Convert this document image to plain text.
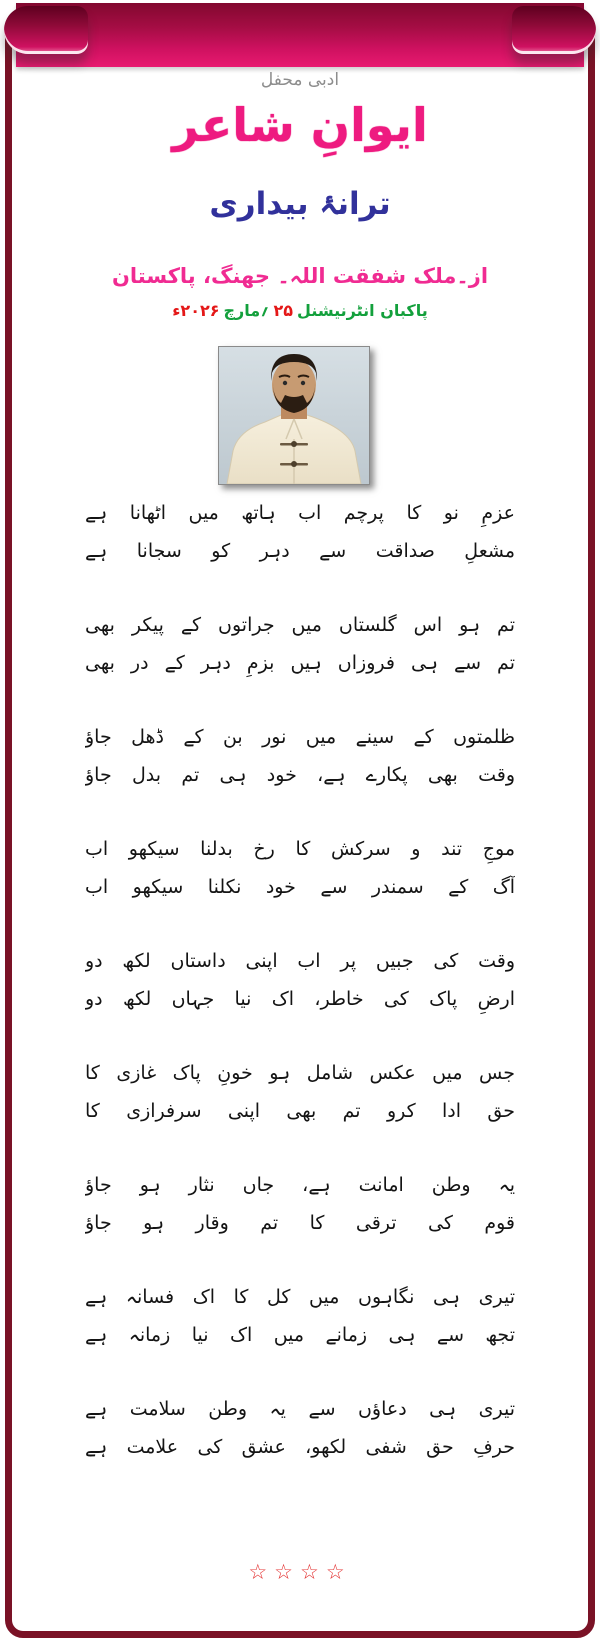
ادبی محفل
ایوانِ شاعر
ترانۂ بیداری
از۔ملک شفقت اللہ۔ جھنگ، پاکستان
پاکبان انٹرنیشنل۲۵؍مارچ۲۰۲۶ء
عزمِ نو کا پرچم اب ہاتھ میں اٹھانا ہے
مشعلِ صداقت سے دہر کو سجانا ہے
تم ہو اس گلستاں میں جراتوں کے پیکر بھی
تم سے ہی فروزاں ہیں بزمِ دہر کے در بھی
ظلمتوں کے سینے میں نور بن کے ڈھل جاؤ
وقت بھی پکارے ہے، خود ہی تم بدل جاؤ
موجِ تند و سرکش کا رخ بدلنا سیکھو اب
آگ کے سمندر سے خود نکلنا سیکھو اب
وقت کی جبیں پر اب اپنی داستاں لکھ دو
ارضِ پاک کی خاطر، اک نیا جہاں لکھ دو
جس میں عکس شامل ہو خونِ پاک غازی کا
حق ادا کرو تم بھی اپنی سرفرازی کا
یہ وطن امانت ہے، جاں نثار ہو جاؤ
قوم کی ترقی کا تم وقار ہو جاؤ
تیری ہی نگاہوں میں کل کا اک فسانہ ہے
تجھ سے ہی زمانے میں اک نیا زمانہ ہے
تیری ہی دعاؤں سے یہ وطن سلامت ہے
حرفِ حق شفی لکھو، عشق کی علامت ہے
☆☆☆☆
